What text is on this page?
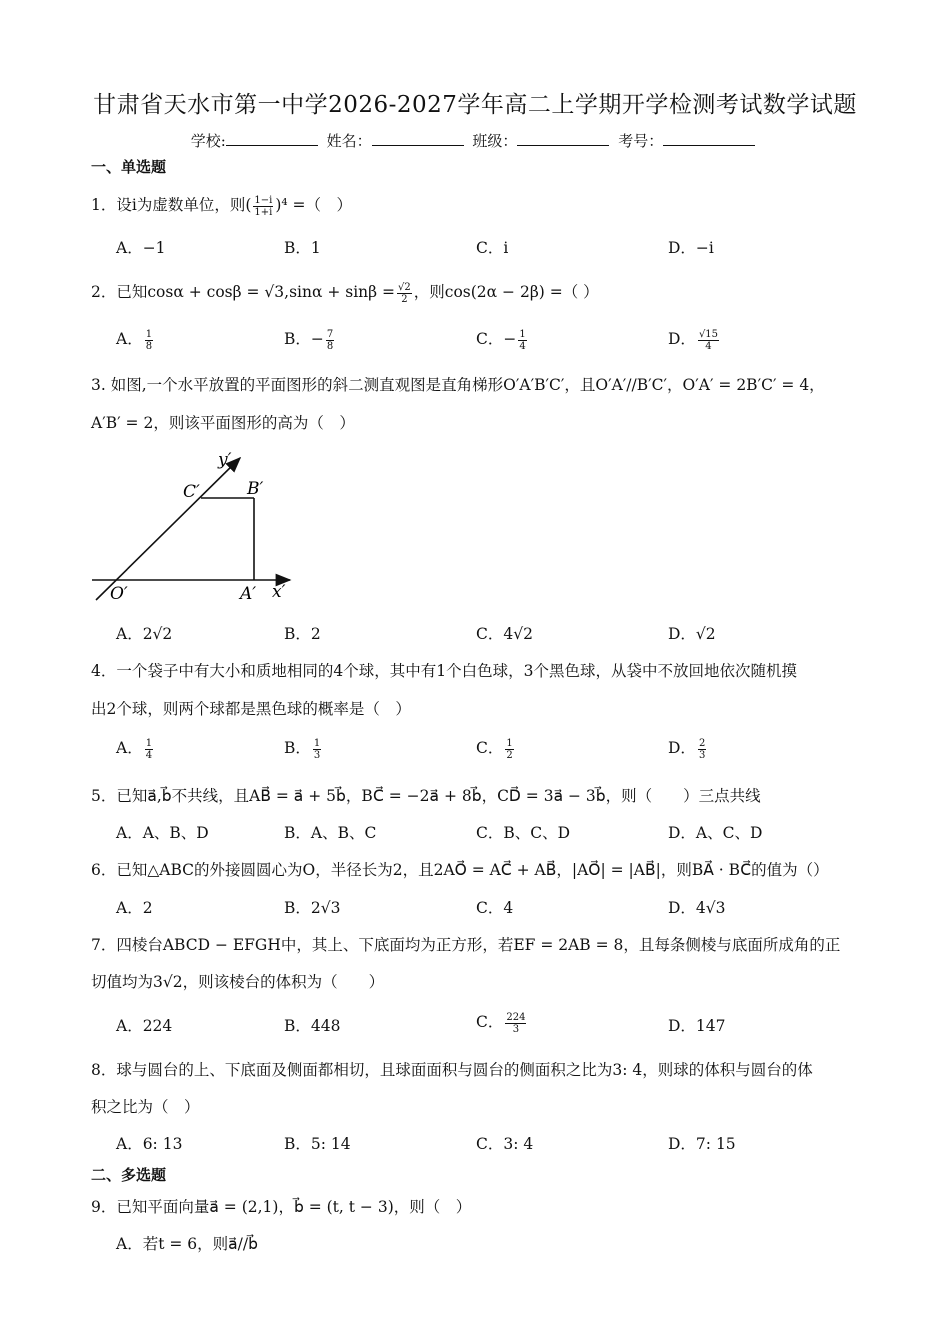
甘肃省天水市第一中学2026-2027学年高二上学期开学检测考试数学试题
学校:	姓名：	班级：	考号：
一、单选题
1．设i为虚数单位，则( $\frac{1-i}{1+i} )^4$ =（　）
A．−1	B．1	C．i	D．−i
2．已知$\cos\alpha + \cos\beta = √3,\sin\alpha + \sin\beta = \frac{√2}{2}$ ，则cos(2α − 2β) =（ ）
A． $\frac{1}{8}$	B．− $\frac{7}{8}$	C．− $\frac{1}{4}$	D． $\frac{√15}{4}$
3. 如图,一个水平放置的平面图形的斜二测直观图是直角梯形O′A′B′C′，且O′A′//B′C′，O′A′ = 2B′C′ = 4，
A′B′ = 2，则该平面图形的高为（　）
y′
C′	B′
O′	A′ x′
A．2√2	B．2	C．4√2	D．√2
4．一个袋子中有大小和质地相同的4个球，其中有1个白色球，3个黑色球，从袋中不放回地依次随机摸
出2个球，则两个球都是黑色球的概率是（　）
A． $\frac{1}{4}$	B． $\frac{1}{3}$	C． $\frac{1}{2}$	D． $\frac{2}{3}$
5．已知a⃗,b⃗不共线，且AB⃗ = a⃗ + 5b⃗，BC⃗ = −2a⃗ + 8b⃗，CD⃗ = 3a⃗ − 3b⃗，则（　　）三点共线
A．A、B、D	B．A、B、C	C．B、C、D	D．A、C、D
6．已知△ABC的外接圆圆心为O，半径长为2，且2AO⃗ = AC⃗ + AB⃗，|AO⃗| = |AB⃗|，则BA⃗ · BC⃗的值为（）
A．2	B．2√3	C．4	D．4√3
7．四棱台ABCD − EFGH中，其上、下底面均为正方形，若EF = 2AB = 8，且每条侧棱与底面所成角的正
切值均为3√2，则该棱台的体积为（　　）
A．224	B．448	C． $\frac{224}{3}$	D．147
8．球与圆台的上、下底面及侧面都相切，且球面面积与圆台的侧面积之比为3: 4，则球的体积与圆台的体
积之比为（　）
A．6: 13	B．5: 14	C．3: 4	D．7: 15
二、多选题
9．已知平面向量a⃗ = (2,1)，b⃗ = (t, t − 3)，则（　）
A．若t = 6，则a⃗//b⃗
